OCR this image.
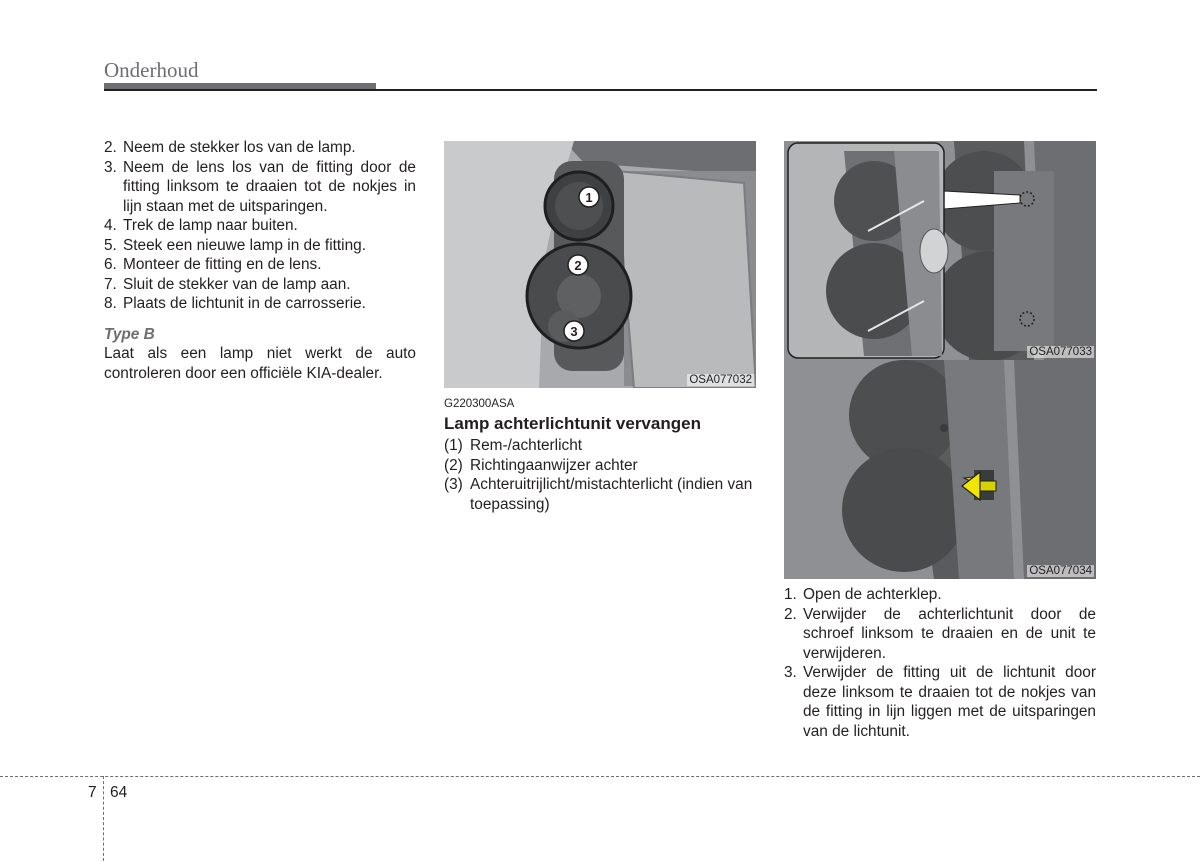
Onderhoud
2. Neem de stekker los van de lamp.
3. Neem de lens los van de fitting door de fitting linksom te draaien tot de nokjes in lijn staan met de uitsparingen.
4. Trek de lamp naar buiten.
5. Steek een nieuwe lamp in de fitting.
6. Monteer de fitting en de lens.
7. Sluit de stekker van de lamp aan.
8. Plaats de lichtunit in de carrosserie.
Type B
Laat als een lamp niet werkt de auto controleren door een officiële KIA-dealer.
1
2
3
OSA077032
G220300ASA
Lamp achterlichtunit vervangen
(1) Rem-/achterlicht
(2) Richtingaanwijzer achter
(3) Achteruitrijlicht/mistachterlicht (indien van toepassing)
OSA077033
OSA077034
1. Open de achterklep.
2. Verwijder de achterlichtunit door de schroef linksom te draaien en de unit te verwijderen.
3. Verwijder de fitting uit de lichtunit door deze linksom te draaien tot de nokjes van de fitting in lijn liggen met de uitsparingen van de lichtunit.
7 64
